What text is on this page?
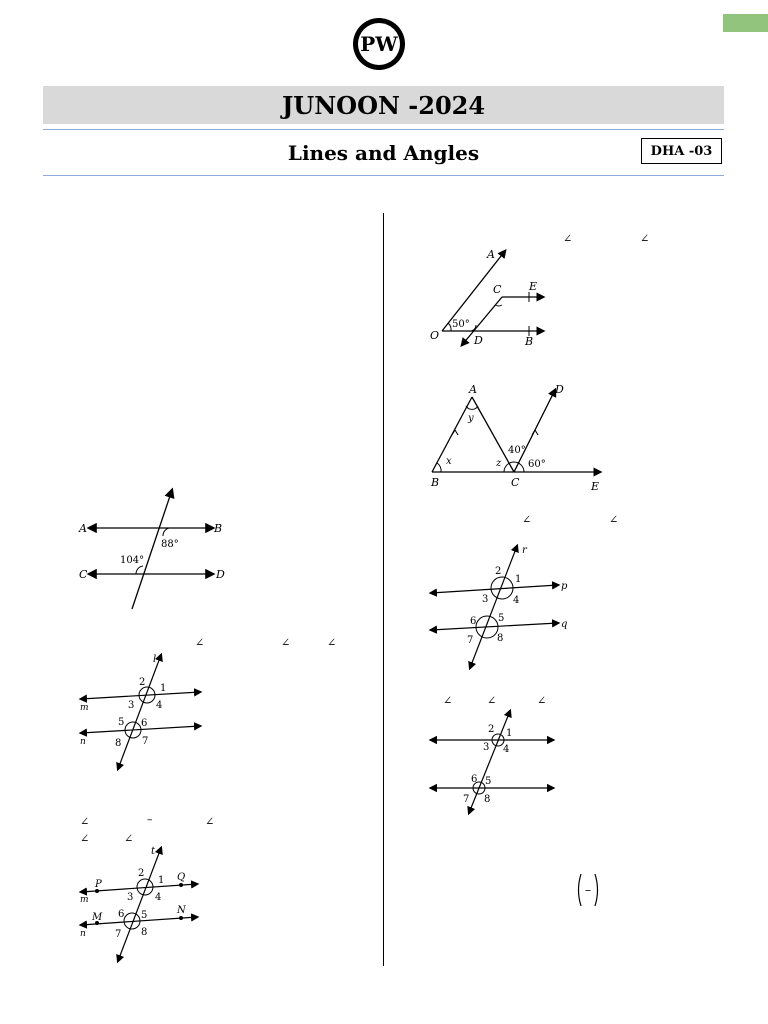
PW
JUNOON -2024
Lines and Angles	DHA -03
A	B
C	D
88°
104°
∠	∠	∠
l
m
n
1
2
3 4
5 6
7
8
∠	–	∠
∠	∠
t
m
n
P
Q
M
N
1
2
3 4
5
6
7 8
∠	∠
A
C	E
O	D	B
50°
A	D
B	C	E
y
x	z
40°
60°
∠	∠
r
p
q
1
2
3 4
5
6
7 8
∠	∠	∠
1
2
3 4
5
6
7 8
–
